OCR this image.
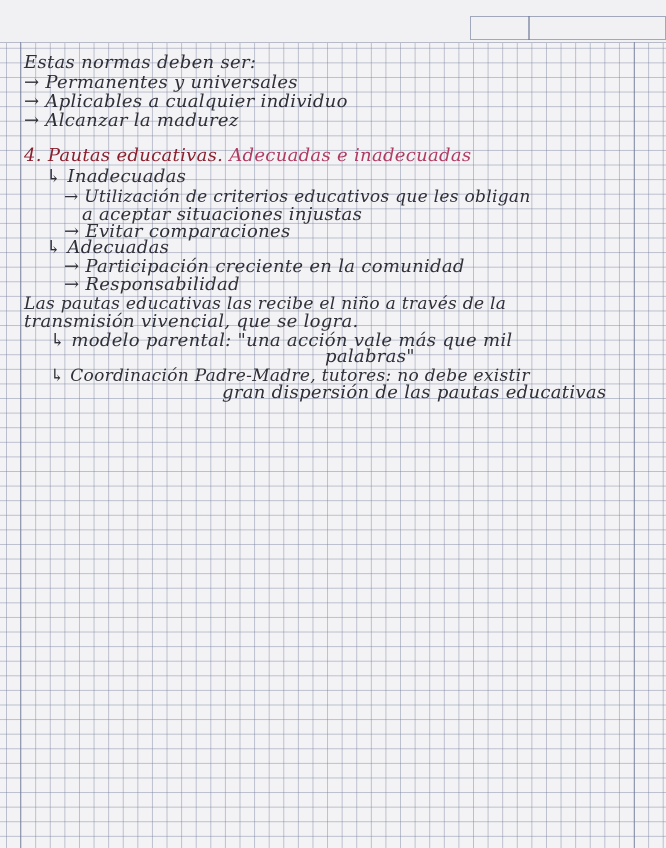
Estas normas deben ser:
→ Permanentes y universales
→ Aplicables a cualquier individuo
→ Alcanzar la madurez
4. Pautas educativas. Adecuadas e inadecuadas
↳ Inadecuadas
→ Utilización de criterios educativos que les obligan
a aceptar situaciones injustas
→ Evitar comparaciones
↳ Adecuadas
→ Participación creciente en la comunidad
→ Responsabilidad
Las pautas educativas las recibe el niño a través de la
transmisión vivencial, que se logra.
↳ modelo parental: "una acción vale más que mil
palabras"
↳ Coordinación Padre-Madre, tutores: no debe existir
gran dispersión de las pautas educativas
